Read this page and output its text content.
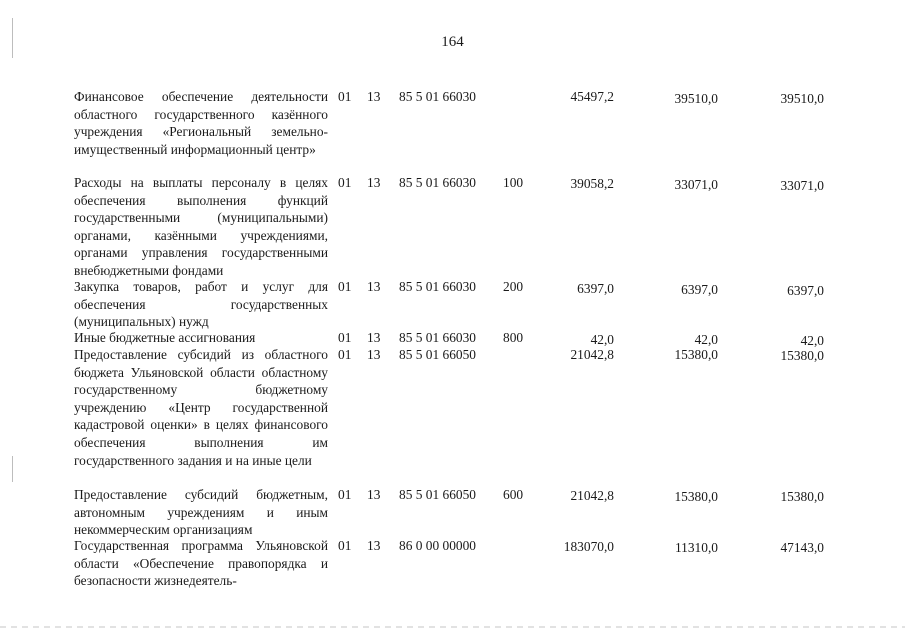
164
Финансовое обеспечение деятельности областного государственного казённого учреждения «Региональный земельно-имущественный информационный центр»
01 13 85 5 01 66030	45497,2	39510,0	39510,0
Расходы на выплаты персоналу в целях обеспечения выполнения функций государственными (муниципальными) органами, казёнными учреждениями, органами управления государственными внебюджетными фондами
01 13 85 5 01 66030 100	39058,2	33071,0	33071,0
Закупка товаров, работ и услуг для обеспечения государственных (муниципальных) нужд
01 13 85 5 01 66030 200	6397,0	6397,0	6397,0
Иные бюджетные ассигнования	01 13 85 5 01 66030 800	42,0	42,0	42,0
Предоставление субсидий из областного бюджета Ульяновской области областному государственному бюджетному учреждению «Центр государственной кадастровой оценки» в целях финансового обеспечения выполнения им государственного задания и на иные цели
01 13 85 5 01 66050	21042,8	15380,0	15380,0
Предоставление субсидий бюджетным, автономным учреждениям и иным некоммерческим организациям
01 13 85 5 01 66050 600	21042,8	15380,0	15380,0
Государственная программа Ульяновской области «Обеспечение правопорядка и безопасности жизнедеятель-
01 13 86 0 00 00000	183070,0	11310,0	47143,0
